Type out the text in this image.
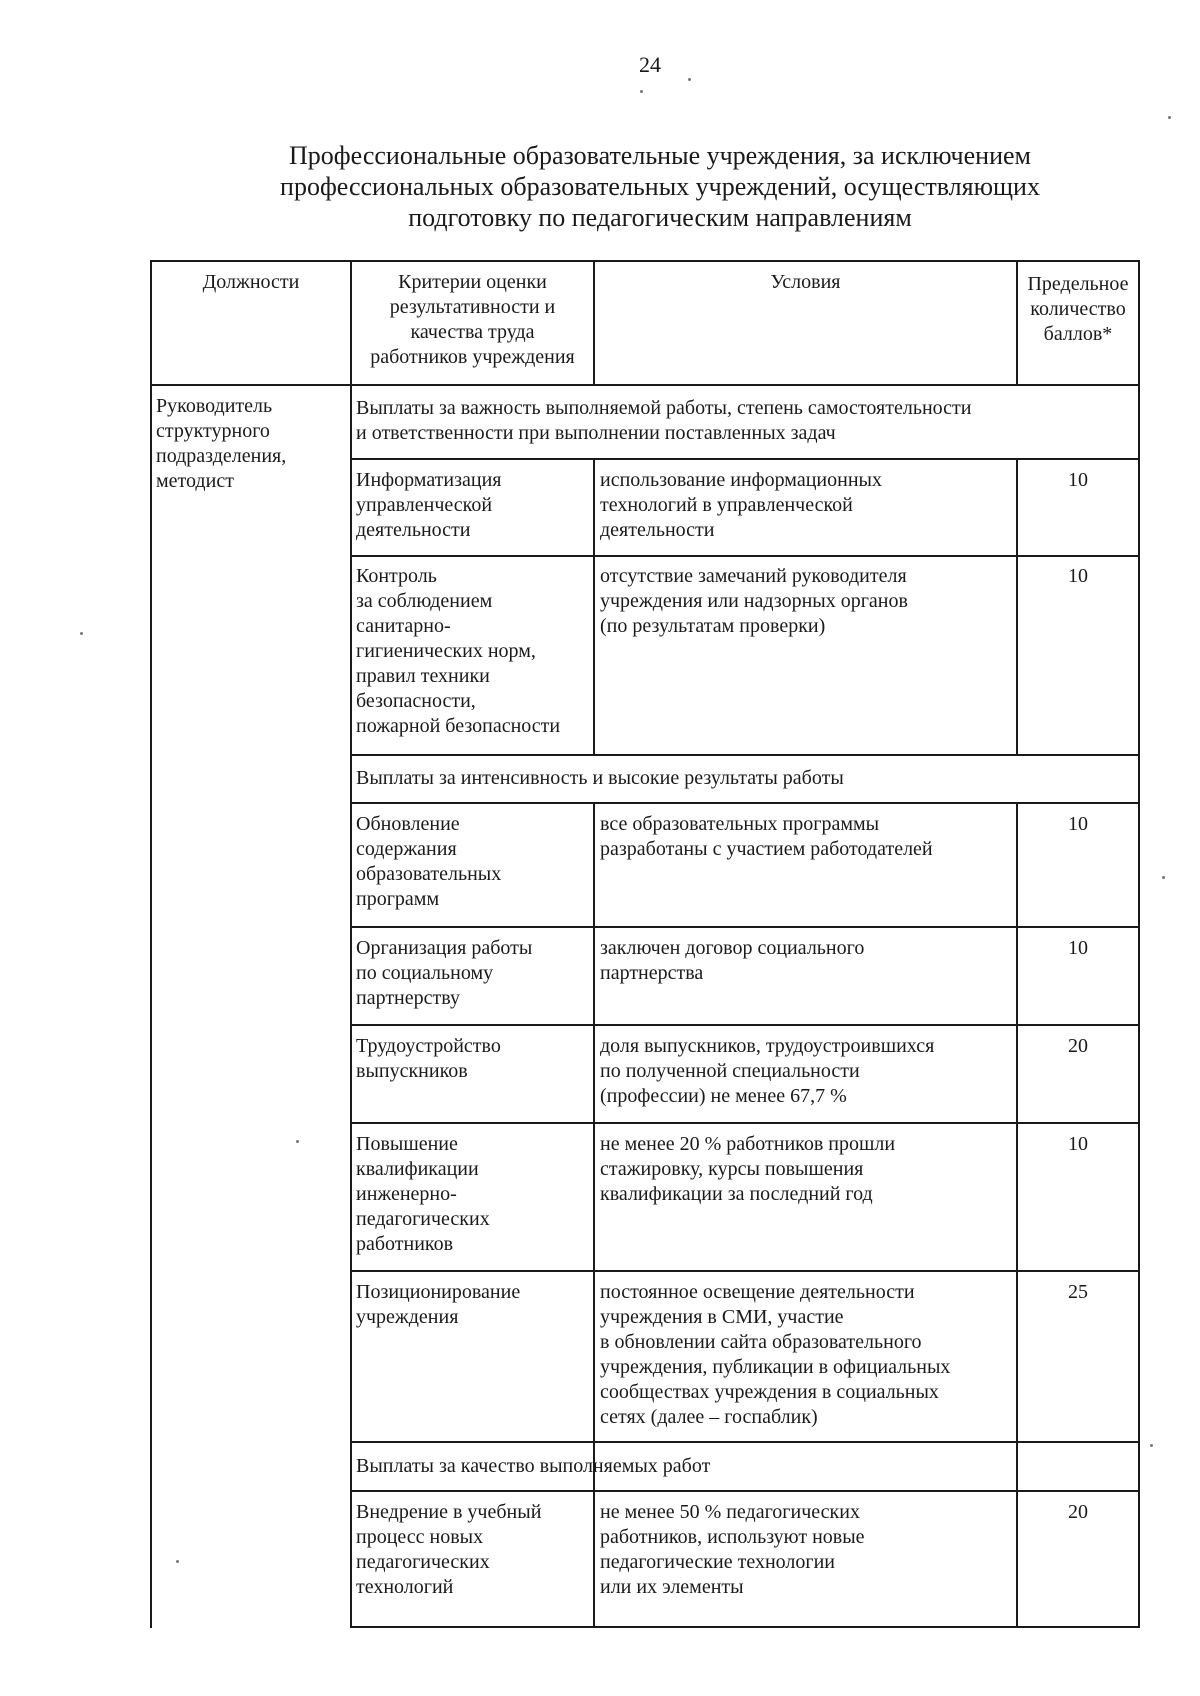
24
Профессиональные образовательные учреждения, за исключением
профессиональных образовательных учреждений, осуществляющих
подготовку по педагогическим направлениям
Должности	Критерии оценки
результативности и
качества труда
работников учреждения
Условия	Предельное
количество
баллов*
Руководитель
структурного
подразделения,
методист
Выплаты за важность выполняемой работы, степень самостоятельности
и ответственности при выполнении поставленных задач
Информатизация
управленческой
деятельности
использование информационных
технологий в управленческой
деятельности
10
Контроль
за соблюдением
санитарно-
гигиенических норм,
правил техники
безопасности,
пожарной безопасности
отсутствие замечаний руководителя
учреждения или надзорных органов
(по результатам проверки)
10
Выплаты за интенсивность и высокие результаты работы
Обновление
содержания
образовательных
программ
все образовательных программы
разработаны с участием работодателей
10
Организация работы
по социальному
партнерству
заключен договор социального
партнерства
10
Трудоустройство
выпускников
доля выпускников, трудоустроившихся
по полученной специальности
(профессии) не менее 67,7 %
20
Повышение
квалификации
инженерно-
педагогических
работников
не менее 20 % работников прошли
стажировку, курсы повышения
квалификации за последний год
10
Позиционирование
учреждения
постоянное освещение деятельности
учреждения в СМИ, участие
в обновлении сайта образовательного
учреждения, публикации в официальных
сообществах учреждения в социальных
сетях (далее – госпаблик)
25
Выплаты за качество выполняемых работ
Внедрение в учебный
процесс новых
педагогических
технологий
не менее 50 % педагогических
работников, используют новые
педагогические технологии
или их элементы
20
